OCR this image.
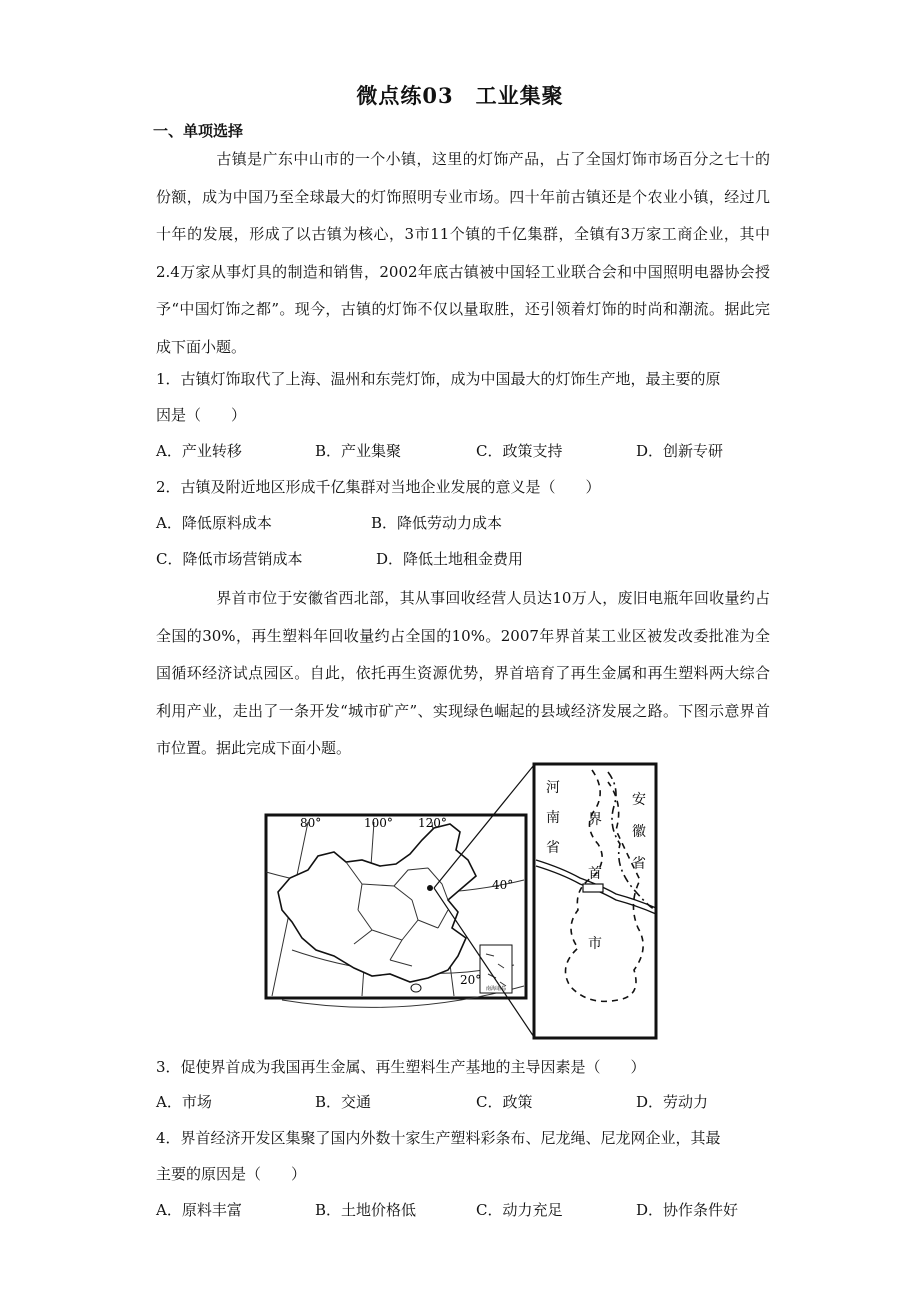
微点练03 工业集聚
一、单项选择
古镇是广东中山市的一个小镇，这里的灯饰产品，占了全国灯饰市场百分之七十的份额，成为中国乃至全球最大的灯饰照明专业市场。四十年前古镇还是个农业小镇，经过几十年的发展，形成了以古镇为核心，3市11个镇的千亿集群，全镇有3万家工商企业，其中2.4万家从事灯具的制造和销售，2002年底古镇被中国轻工业联合会和中国照明电器协会授予“中国灯饰之都”。现今，古镇的灯饰不仅以量取胜，还引领着灯饰的时尚和潮流。据此完成下面小题。
1．古镇灯饰取代了上海、温州和东莞灯饰，成为中国最大的灯饰生产地，最主要的原
因是（　　）
A．产业转移	B．产业集聚	C．政策支持	D．创新专研
2．古镇及附近地区形成千亿集群对当地企业发展的意义是（　　）
A．降低原料成本	B．降低劳动力成本
C．降低市场营销成本	D．降低土地租金费用
界首市位于安徽省西北部，其从事回收经营人员达10万人，废旧电瓶年回收量约占全国的30%，再生塑料年回收量约占全国的10%。2007年界首某工业区被发改委批准为全国循环经济试点园区。自此，依托再生资源优势，界首培育了再生金属和再生塑料两大综合利用产业，走出了一条开发“城市矿产”、实现绿色崛起的县域经济发展之路。下图示意界首市位置。据此完成下面小题。
南海诸岛
80°	100° 120°
40°
20°
河
南
省
安
徽
省
界
首
市
3．促使界首成为我国再生金属、再生塑料生产基地的主导因素是（　　）
A．市场	B．交通	C．政策	D．劳动力
4．界首经济开发区集聚了国内外数十家生产塑料彩条布、尼龙绳、尼龙网企业，其最
主要的原因是（　　）
A．原料丰富	B．土地价格低	C．动力充足	D．协作条件好
